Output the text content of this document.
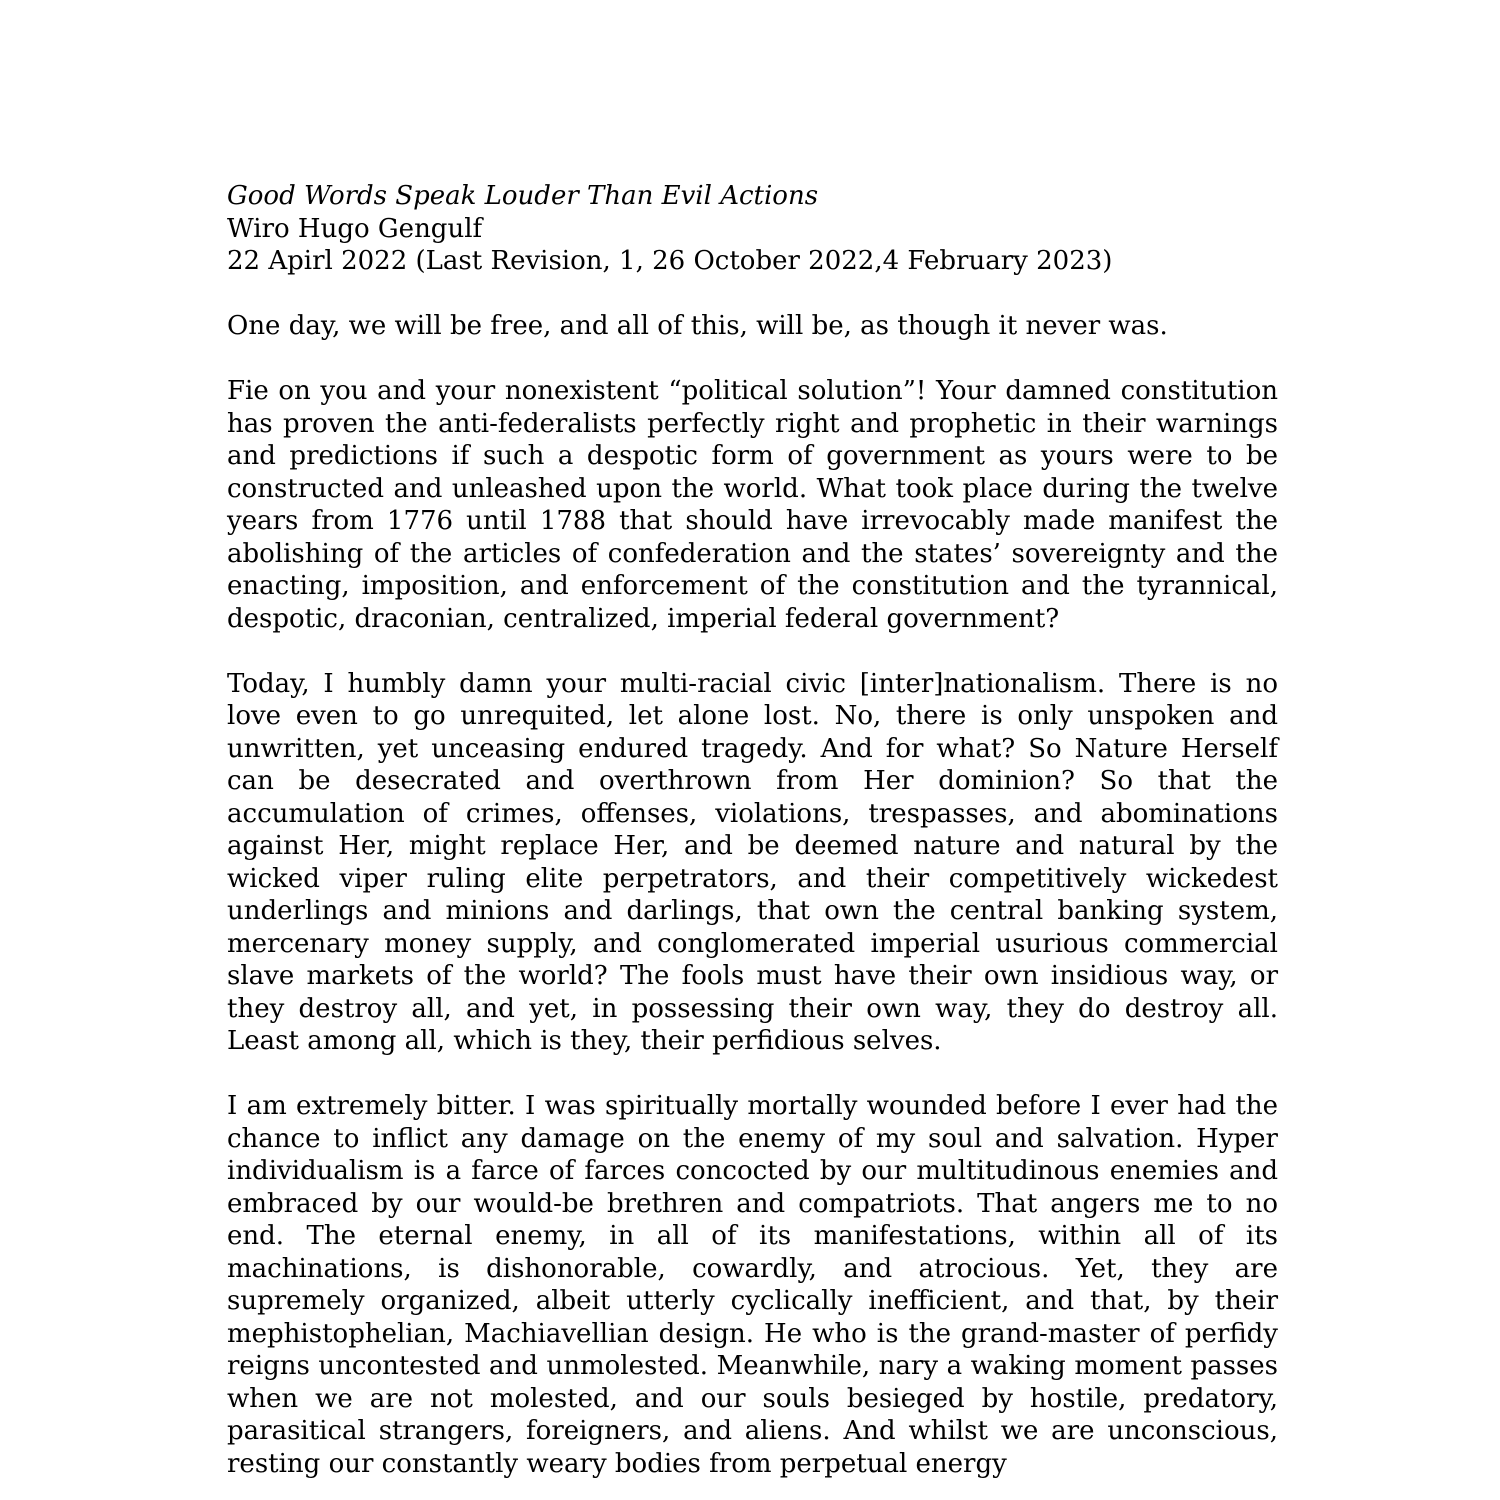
Good Words Speak Louder Than Evil Actions
Wiro Hugo Gengulf
22 Apirl 2022 (Last Revision, 1, 26 October 2022,4 February 2023)

One day, we will be free, and all of this, will be, as though it never was.

Fie on you and your nonexistent “political solution”! Your damned constitution has proven the anti-federalists perfectly right and prophetic in their warnings and predictions if such a despotic form of government as yours were to be constructed and unleashed upon the world. What took place during the twelve years from 1776 until 1788 that should have irrevocably made manifest the abolishing of the articles of confederation and the states’ sovereignty and the enacting, imposition, and enforcement of the constitution and the tyrannical, despotic, draconian, centralized, imperial federal government?

Today, I humbly damn your multi-racial civic [inter]nationalism. There is no love even to go unrequited, let alone lost. No, there is only unspoken and unwritten, yet unceasing endured tragedy. And for what? So Nature Herself can be desecrated and overthrown from Her dominion? So that the accumulation of crimes, offenses, violations, trespasses, and abominations against Her, might replace Her, and be deemed nature and natural by the wicked viper ruling elite perpetrators, and their competitively wickedest underlings and minions and darlings, that own the central banking system, mercenary money supply, and conglomerated imperial usurious commercial slave markets of the world? The fools must have their own insidious way, or they destroy all, and yet, in possessing their own way, they do destroy all. Least among all, which is they, their perfidious selves.

I am extremely bitter. I was spiritually mortally wounded before I ever had the chance to inflict any damage on the enemy of my soul and salvation. Hyper individualism is a farce of farces concocted by our multitudinous enemies and embraced by our would-be brethren and compatriots. That angers me to no end. The eternal enemy, in all of its manifestations, within all of its machinations, is dishonorable, cowardly, and atrocious. Yet, they are supremely organized, albeit utterly cyclically inefficient, and that, by their mephistophelian, Machiavellian design. He who is the grand-master of perfidy reigns uncontested and unmolested. Meanwhile, nary a waking moment passes when we are not molested, and our souls besieged by hostile, predatory, parasitical strangers, foreigners, and aliens. And whilst we are unconscious, resting our constantly weary bodies from perpetual energy
